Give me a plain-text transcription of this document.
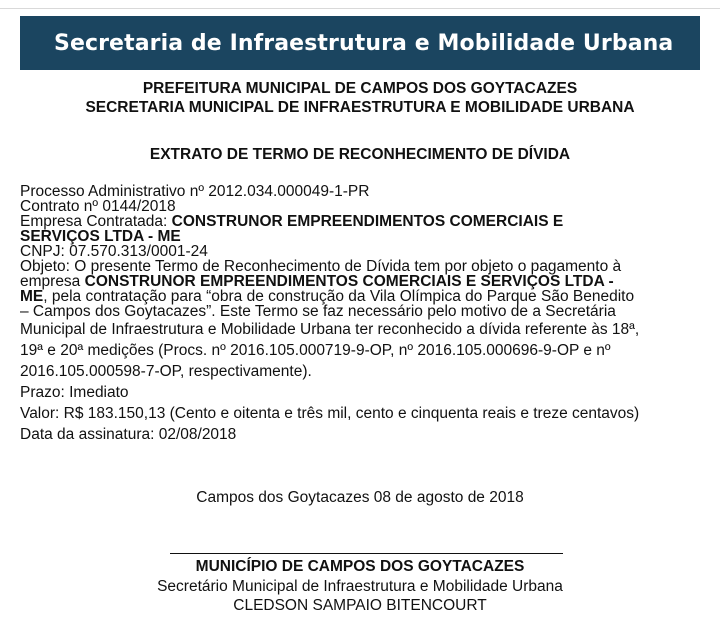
Secretaria de Infraestrutura e Mobilidade Urbana
PREFEITURA MUNICIPAL DE CAMPOS DOS GOYTACAZES
SECRETARIA MUNICIPAL DE INFRAESTRUTURA E MOBILIDADE URBANA
EXTRATO DE TERMO DE RECONHECIMENTO DE DÍVIDA
Processo Administrativo nº 2012.034.000049-1-PR
Contrato nº 0144/2018
Empresa Contratada: CONSTRUNOR EMPREENDIMENTOS COMERCIAIS E
SERVIÇOS LTDA - ME
CNPJ: 07.570.313/0001-24
Objeto: O presente Termo de Reconhecimento de Dívida tem por objeto o pagamento à
empresa CONSTRUNOR EMPREENDIMENTOS COMERCIAIS E SERVIÇOS LTDA -
ME, pela contratação para “obra de construção da Vila Olímpica do Parque São Benedito
– Campos dos Goytacazes”. Este Termo se faz necessário pelo motivo de a Secretária
Municipal de Infraestrutura e Mobilidade Urbana ter reconhecido a dívida referente às 18ª,
19ª e 20ª medições (Procs. nº 2016.105.000719-9-OP, nº 2016.105.000696-9-OP e nº
2016.105.000598-7-OP, respectivamente).
Prazo: Imediato
Valor: R$ 183.150,13 (Cento e oitenta e três mil, cento e cinquenta reais e treze centavos)
Data da assinatura: 02/08/2018
Campos dos Goytacazes 08 de agosto de 2018
MUNICÍPIO DE CAMPOS DOS GOYTACAZES
Secretário Municipal de Infraestrutura e Mobilidade Urbana
CLEDSON SAMPAIO BITENCOURT
